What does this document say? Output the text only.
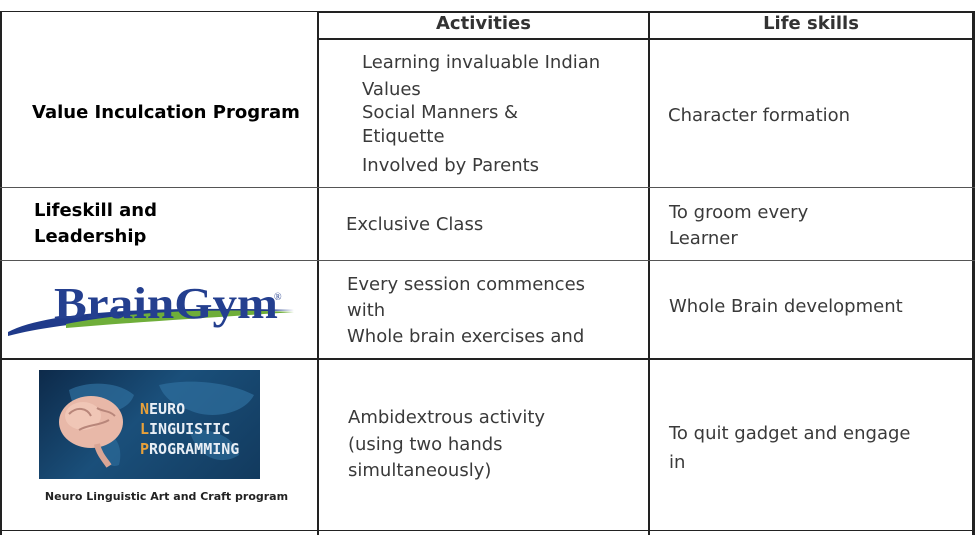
Activities	Life skills
Value Inculcation Program
Learning invaluable Indian
Values
Social Manners &
Etiquette
Involved by Parents
Character formation
Lifeskill and
Leadership
Exclusive Class
To groom every
Learner
BrainGym
®
Every session commences
with
Whole brain exercises and
Whole Brain development
NEURO
LINGUISTIC
PROGRAMMING
Neuro Linguistic Art and Craft program
Ambidextrous activity
(using two hands
simultaneously)
To quit gadget and engage
in
